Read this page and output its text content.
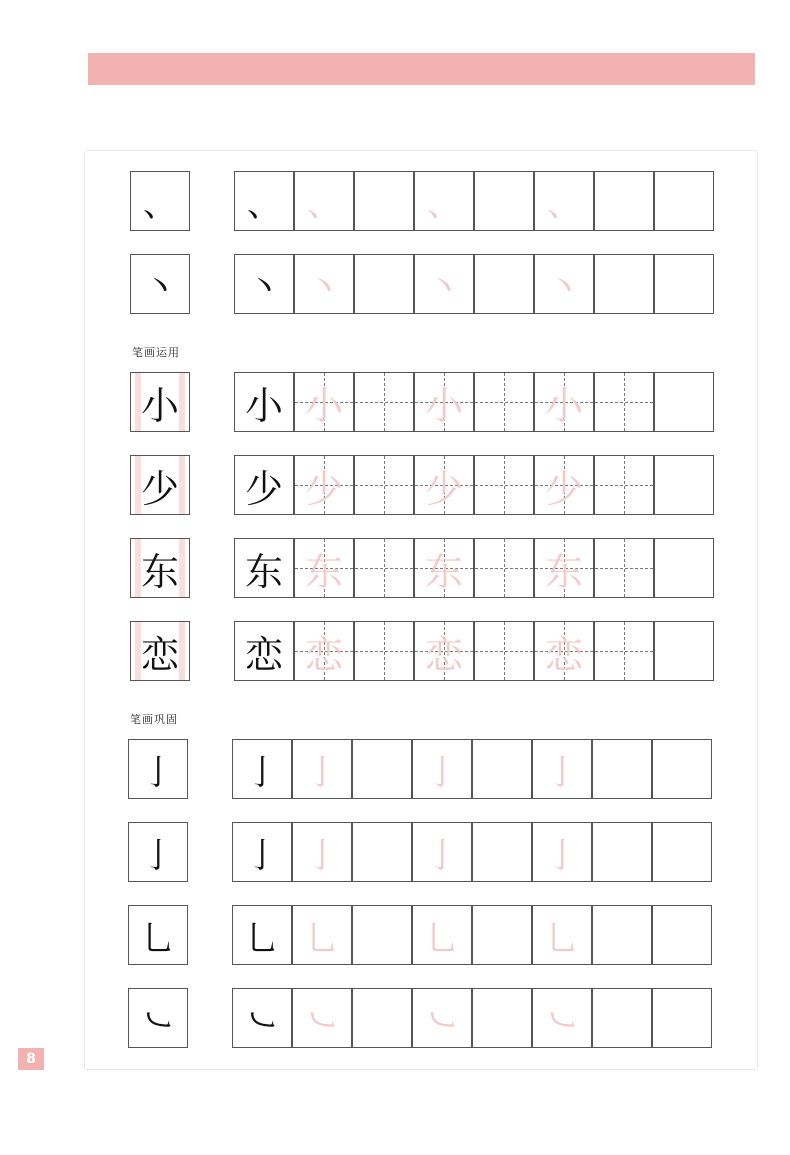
笔画运用
笔画巩固
、	、 、	、	、
丶	丶 丶	丶	丶
小 小 小 小 小
少 少 少 少 少
东 东 东 东 东
恋 恋 恋 恋 恋
亅	亅 亅	亅	亅
亅	亅 亅	亅	亅
乚	乚 乚	乚	乚
㇃	㇃ ㇃	㇃	㇃
8
